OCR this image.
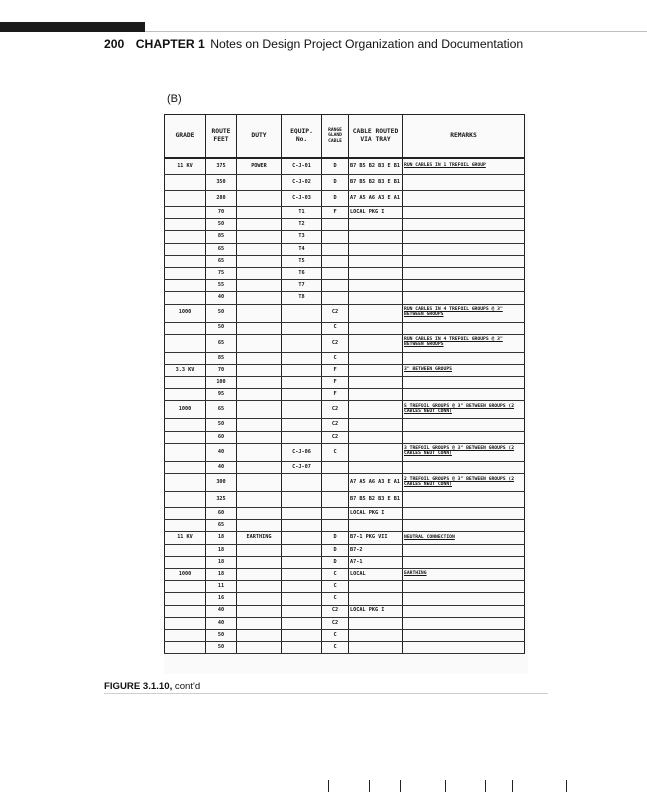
200 CHAPTER 1 Notes on Design Project Organization and Documentation
(B)
GRADE	ROUTE FEET	DUTY	EQUIP. No.	RANGE GLAND CABLE	CABLE ROUTED VIA TRAY	REMARKS
11 KV	375	POWER	C-J-01	D	B7 B5 B2 B3 E B1	RUN CABLES IN 1 TREFOIL GROUP
	350		C-J-02	D	B7 B5 B2 B3 E B1	
	280		C-J-03	D	A7 A5 A6 A3 E A1	
	70		T1	F	LOCAL PKG I	
	50		T2			
	85		T3			
	65		T4			
	65		T5			
	75		T6			
	55		T7			
	40		T8			
1000	50			C2		RUN CABLES IN 4 TREFOIL GROUPS @ 3" BETWEEN GROUPS
	50			C		
	65			C2		RUN CABLES IN 4 TREFOIL GROUPS @ 3" BETWEEN GROUPS
	85			C		
3.3 KV	70			F		3" BETWEEN GROUPS
	100			F		
	95			F		
1000	65			C2		5 TREFOIL GROUPS @ 3" BETWEEN GROUPS (2 CABLES NEUT CONN)
	50			C2		
	60			C2		
	40		C-J-06	C		3 TREFOIL GROUPS @ 3" BETWEEN GROUPS (2 CABLES NEUT CONN)
	40		C-J-07			
	300				A7 A5 A6 A3 E A1	2 TREFOIL GROUPS @ 3" BETWEEN GROUPS (2 CABLES NEUT CONN)
	325				B7 B5 B2 B3 E B1	
	60				LOCAL PKG I	
	65					
11 KV	18	EARTHING		D	B7-1 PKG VII	NEUTRAL CONNECTION
	18			D	B7-2	
	18			D	A7-1	
1000	18			C	LOCAL	EARTHING
	11			C		
	16			C		
	40			C2	LOCAL PKG I	
	40			C2		
	50			C		
	50			C		
FIGURE 3.1.10, cont'd
